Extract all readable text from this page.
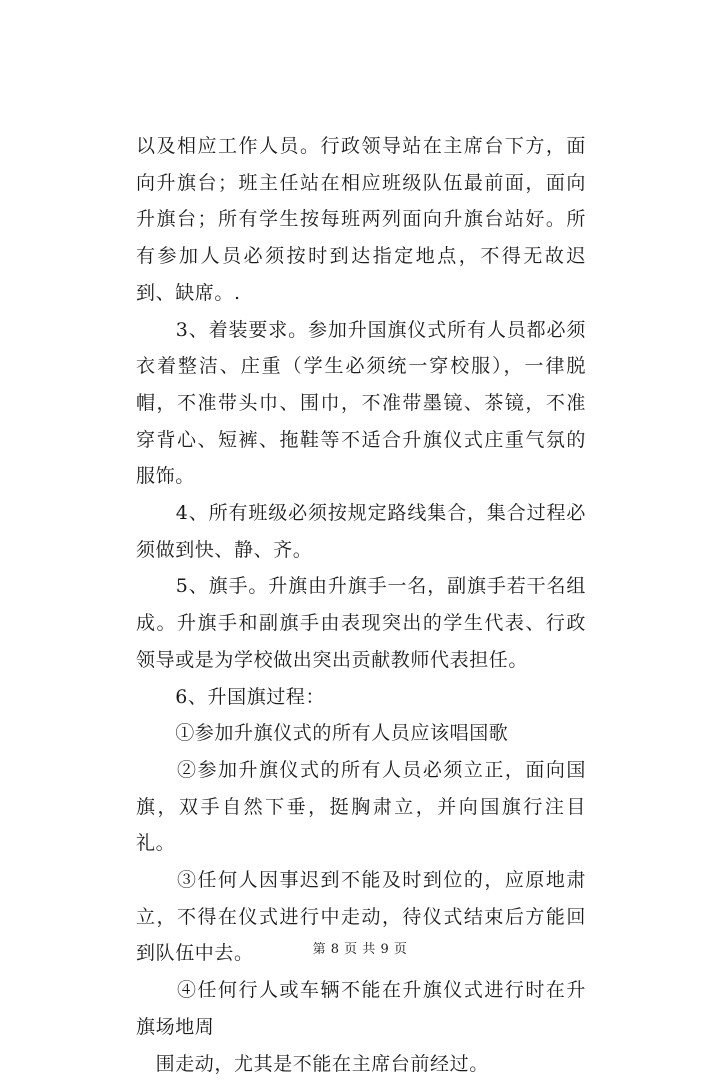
以及相应工作人员。行政领导站在主席台下方，面向升旗台；班主任站在相应班级队伍最前面，面向升旗台；所有学生按每班两列面向升旗台站好。所有参加人员必须按时到达指定地点，不得无故迟到、缺席。.

　　3、着装要求。参加升国旗仪式所有人员都必须衣着整洁、庄重（学生必须统一穿校服），一律脱帽，不准带头巾、围巾，不准带墨镜、茶镜，不准穿背心、短裤、拖鞋等不适合升旗仪式庄重气氛的服饰。

　　4、所有班级必须按规定路线集合，集合过程必须做到快、静、齐。

　　5、旗手。升旗由升旗手一名，副旗手若干名组成。升旗手和副旗手由表现突出的学生代表、行政领导或是为学校做出突出贡献教师代表担任。

　　6、升国旗过程：

　　①参加升旗仪式的所有人员应该唱国歌

　　②参加升旗仪式的所有人员必须立正，面向国旗，双手自然下垂，挺胸肃立，并向国旗行注目礼。

　　③任何人因事迟到不能及时到位的，应原地肃立，不得在仪式进行中走动，待仪式结束后方能回到队伍中去。

　　④任何行人或车辆不能在升旗仪式进行时在升旗场地周

　围走动，尤其是不能在主席台前经过。

第 8 页 共 9 页
